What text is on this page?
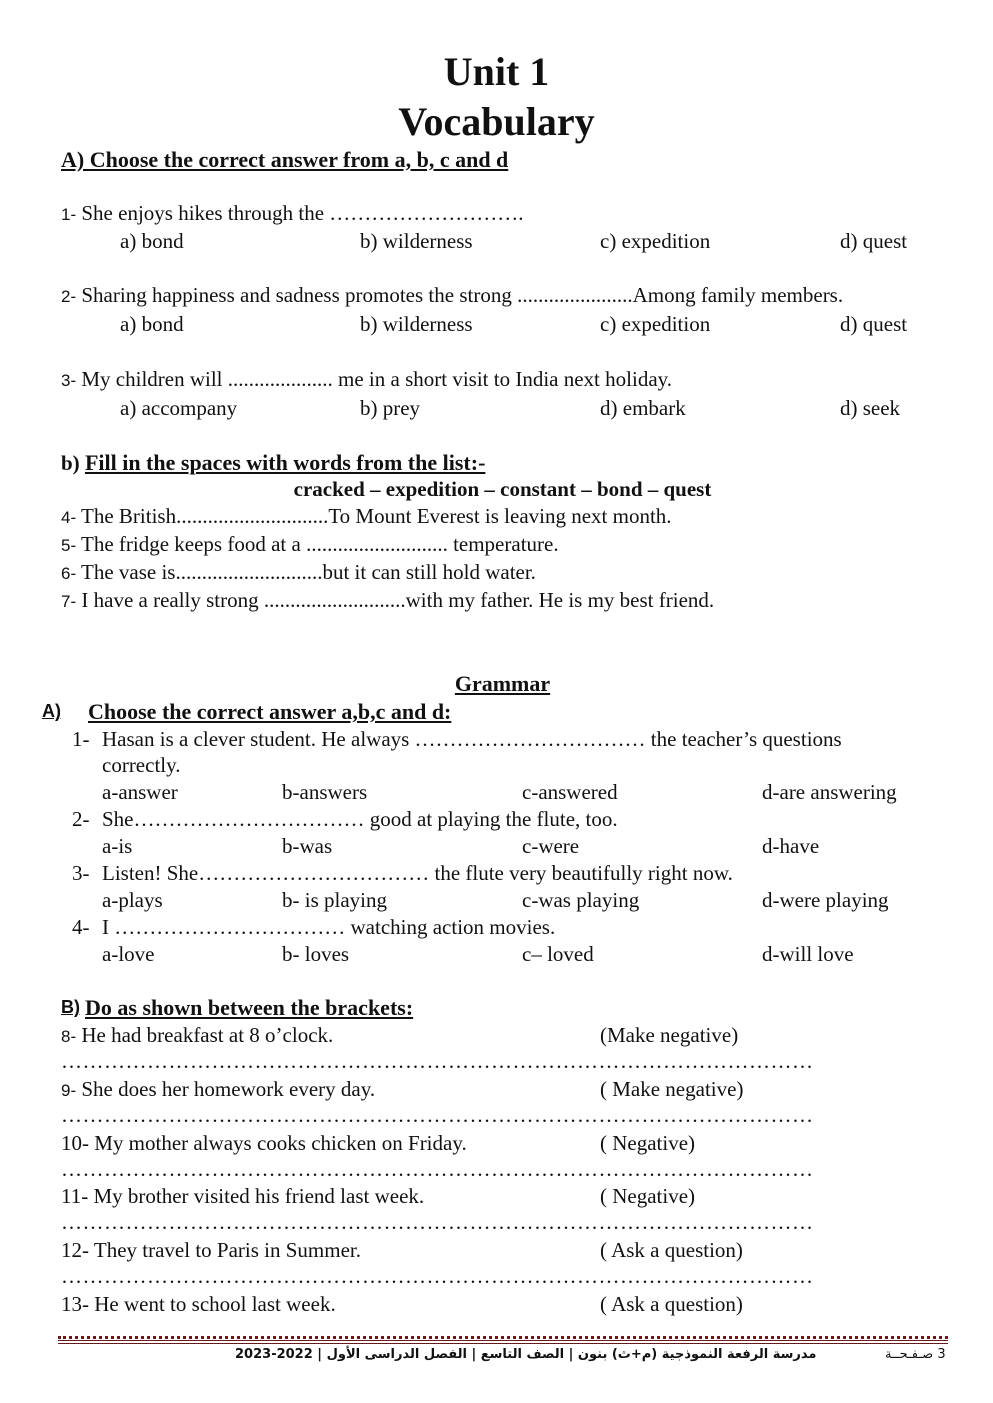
Unit 1
Vocabulary
A) Choose the correct answer from a, b, c and d
1- She enjoys hikes through the ……………………….
a) bond	b) wilderness	c) expedition	d) quest
2- Sharing happiness and sadness promotes the strong ......................Among family members.
a) bond	b) wilderness	c) expedition	d) quest
3- My children will .................... me in a short visit to India next holiday.
a) accompany	b) prey	d) embark	d) seek
b) Fill in the spaces with words from the list:-
cracked – expedition – constant – bond – quest
4- The British.............................To Mount Everest is leaving next month.
5- The fridge keeps food at a ........................... temperature.
6- The vase is............................but it can still hold water.
7- I have a really strong ...........................with my father. He is my best friend.
Grammar
A) Choose the correct answer a,b,c and d:
1- Hasan is a clever student. He always …………………………… the teacher’s questions
correctly.
a-answer	b-answers	c-answered	d-are answering
2- She…………………………… good at playing the flute, too.
a-is	b-was	c-were	d-have
3- Listen! She…………………………… the flute very beautifully right now.
a-plays	b- is playing	c-was playing	d-were playing
4- I …………………………… watching action movies.
a-love	b- loves	c– loved	d-will love
B) Do as shown between the brackets:
8- He had breakfast at 8 o’clock.	(Make negative)
……………………………………………………………………………………………
9- She does her homework every day.	( Make negative)
……………………………………………………………………………………………
10- My mother always cooks chicken on Friday.	( Negative)
……………………………………………………………………………………………
11- My brother visited his friend last week.	( Negative)
……………………………………………………………………………………………
12- They travel to Paris in Summer.	( Ask a question)
……………………………………………………………………………………………
13- He went to school last week.	( Ask a question)
مدرسة الرفعة النموذجية (م+ث) بنون | الصف التاسع | الفصل الدراسى الأول | 2022-2023	3 صـفـحــة
